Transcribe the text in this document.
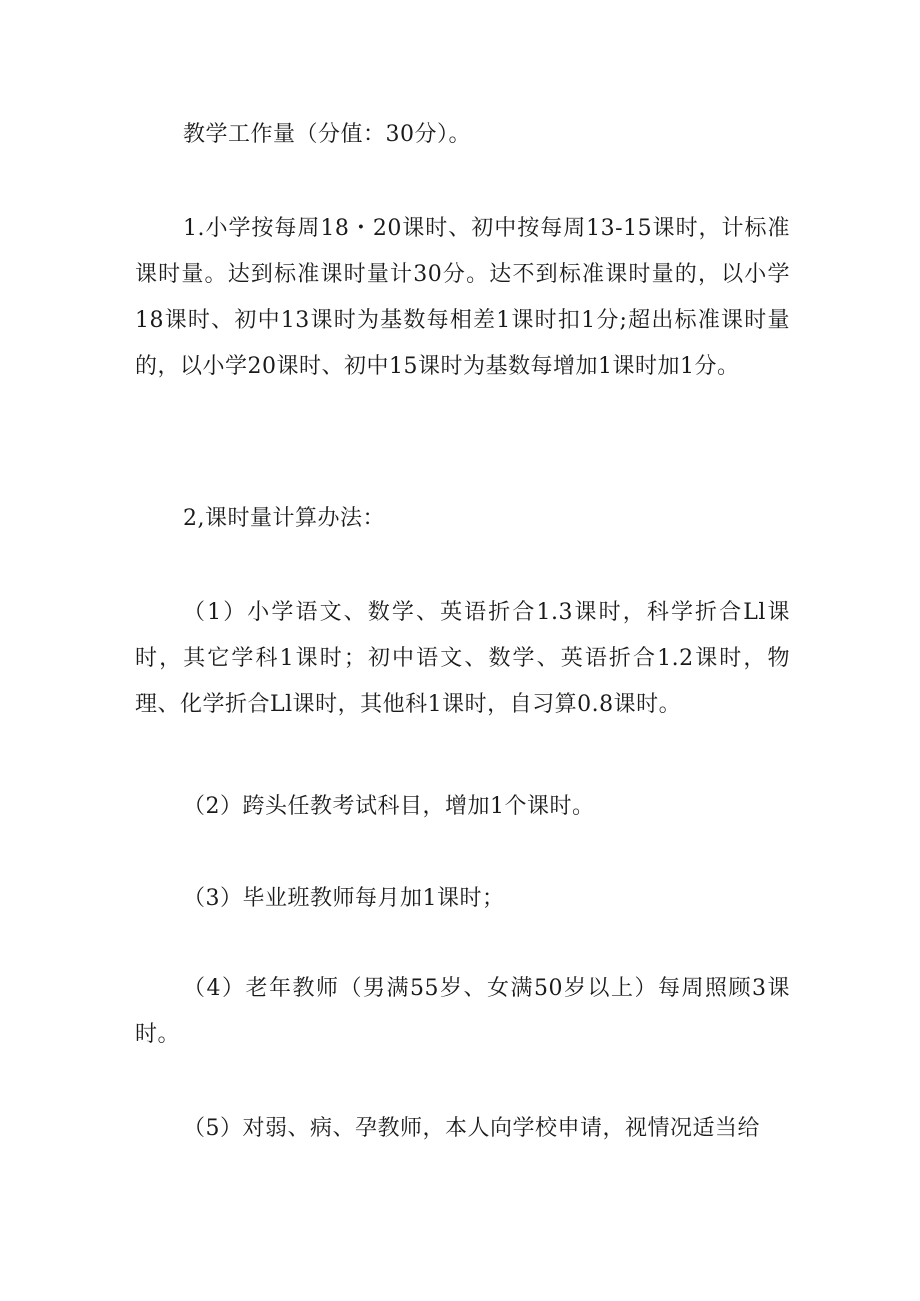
教学工作量（分值：30分）。

1.小学按每周18・20课时、初中按每周13-15课时，计标准课时量。达到标准课时量计30分。达不到标准课时量的，以小学18课时、初中13课时为基数每相差1课时扣1分;超出标准课时量的，以小学20课时、初中15课时为基数每增加1课时加1分。

2,课时量计算办法：

（1）小学语文、数学、英语折合1.3课时，科学折合Ll课时，其它学科1课时；初中语文、数学、英语折合1.2课时，物理、化学折合Ll课时，其他科1课时，自习算0.8课时。

（2）跨头任教考试科目，增加1个课时。

（3）毕业班教师每月加1课时；

（4）老年教师（男满55岁、女满50岁以上）每周照顾3课时。

（5）对弱、病、孕教师，本人向学校申请，视情况适当给
